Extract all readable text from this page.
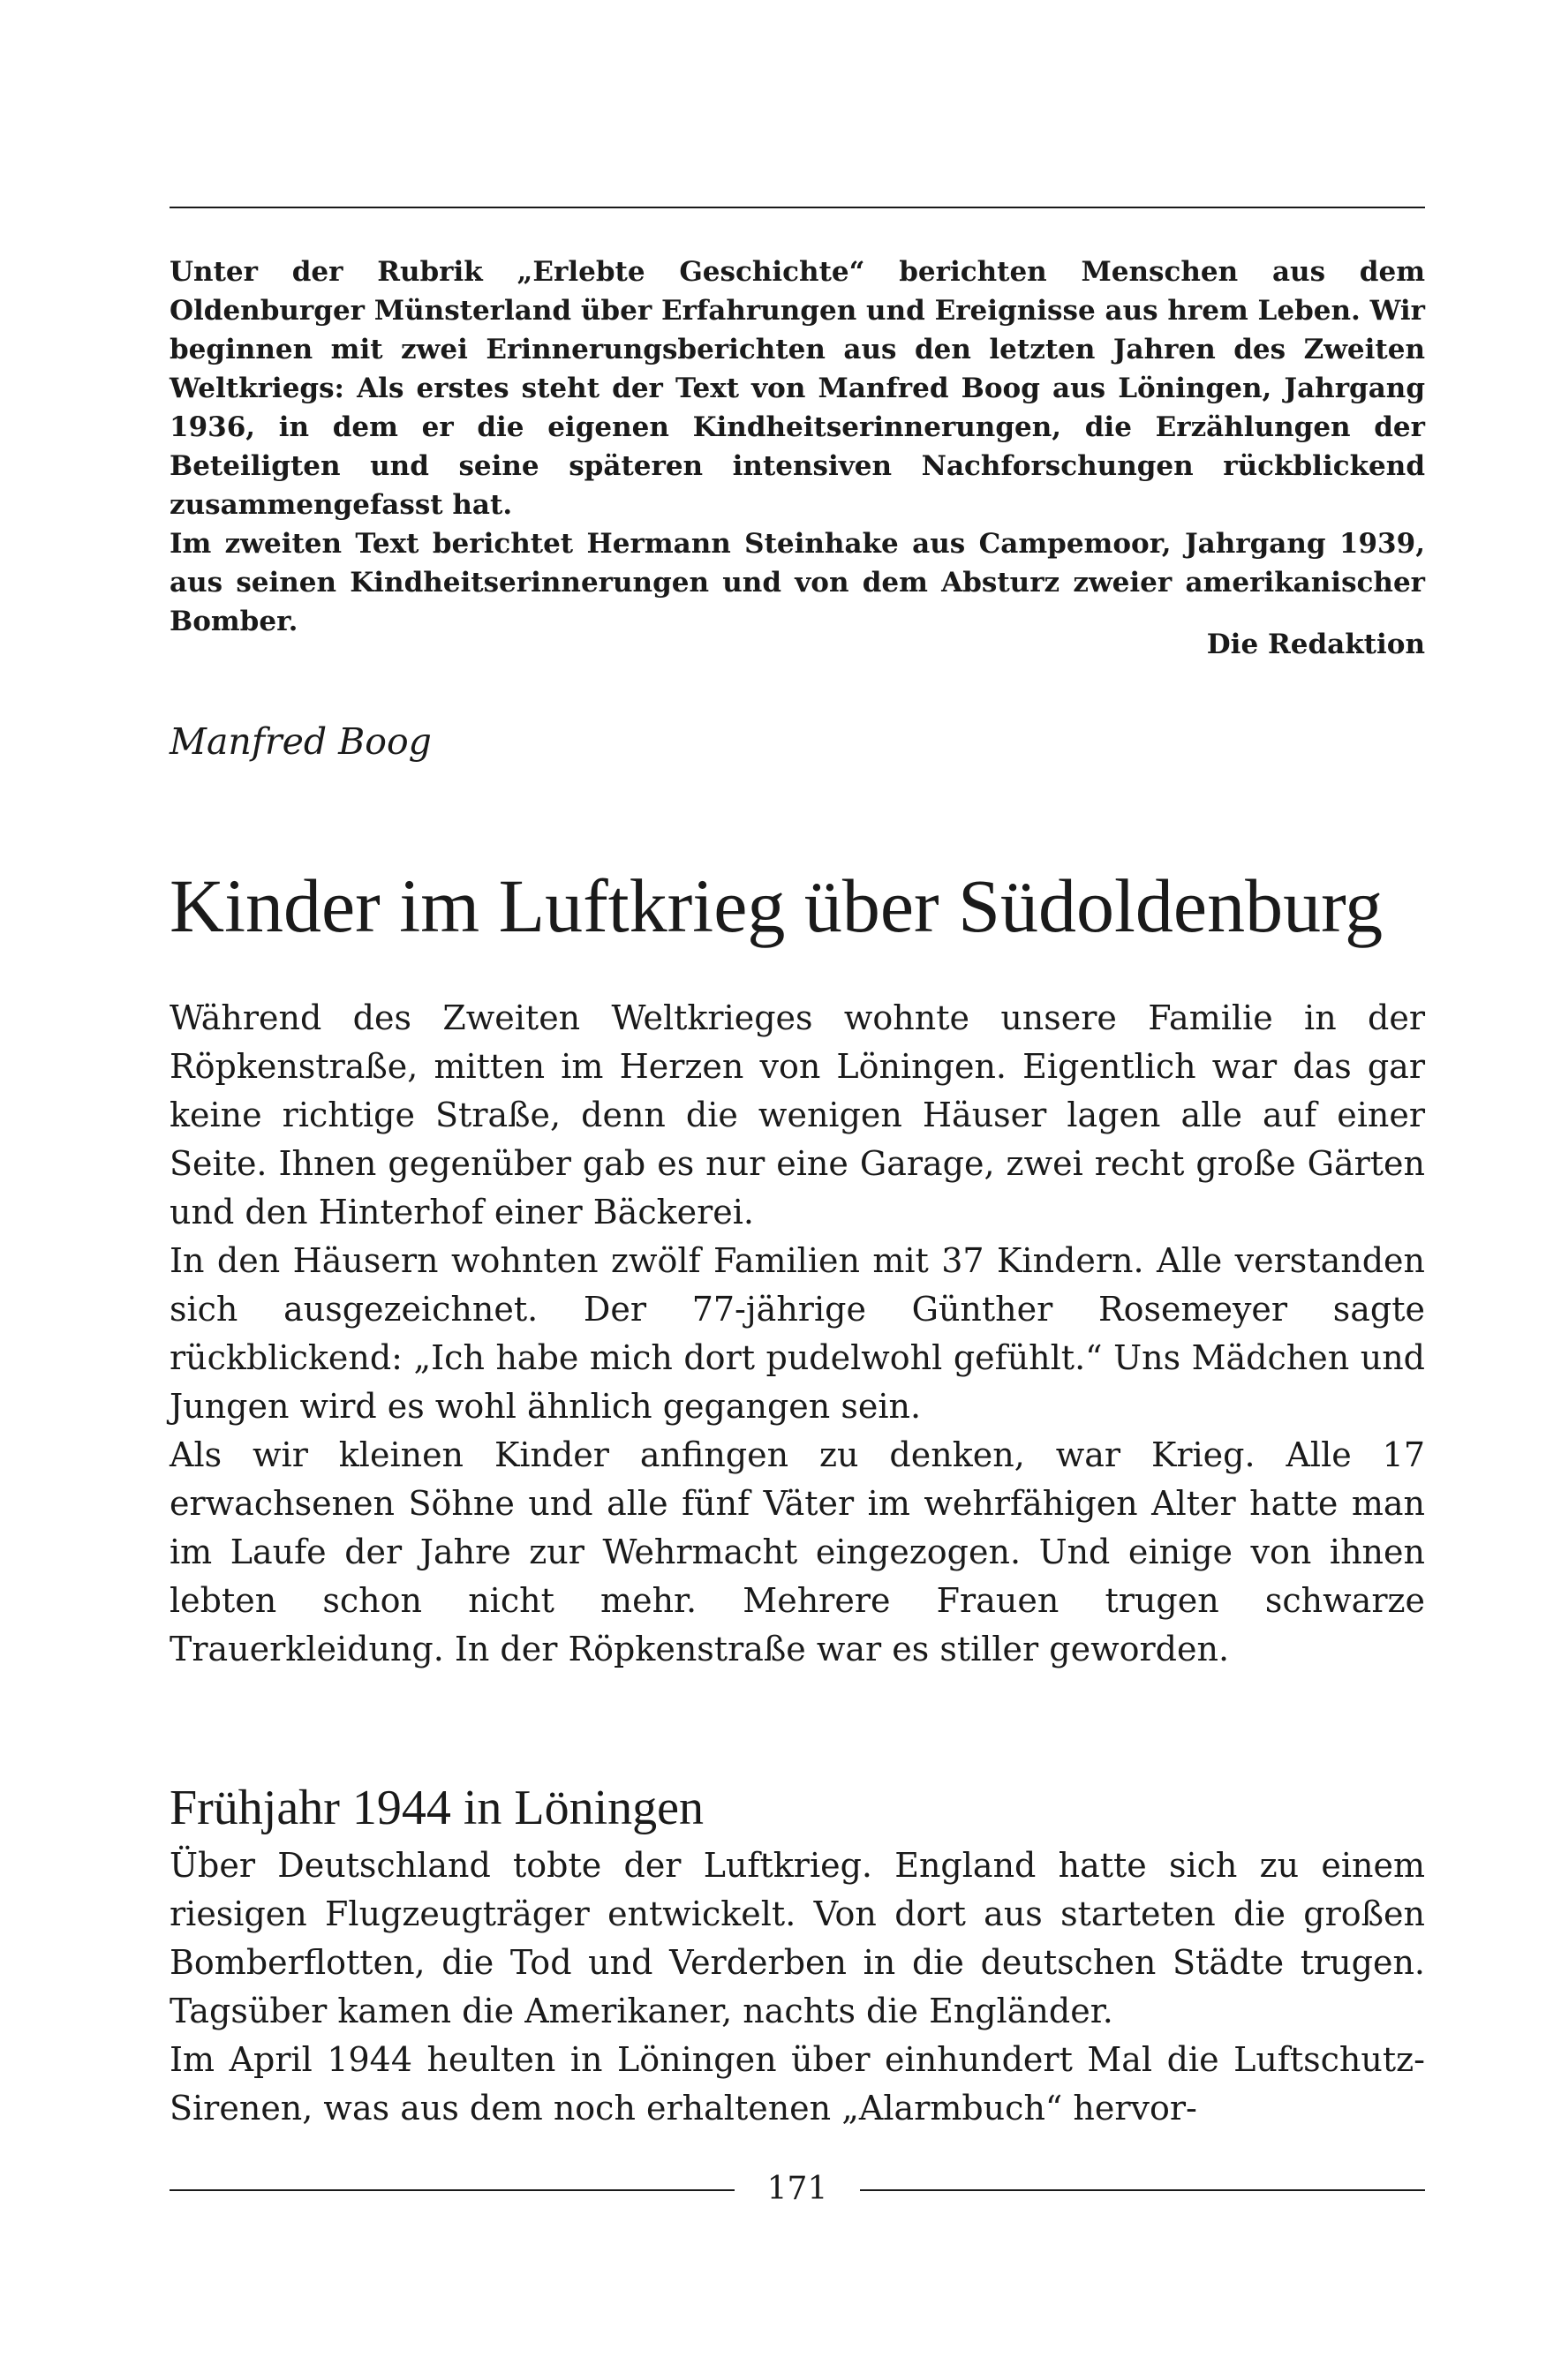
Unter der Rubrik „Erlebte Geschichte“ berichten Menschen aus dem Oldenburger Münsterland über Erfahrungen und Ereignisse aus hrem Leben. Wir beginnen mit zwei Erinnerungsberichten aus den letzten Jahren des Zweiten Weltkriegs: Als erstes steht der Text von Manfred Boog aus Löningen, Jahrgang 1936, in dem er die eigenen Kindheitserinnerungen, die Erzählungen der Beteiligten und seine späteren intensiven Nachforschungen rückblickend zusammengefasst hat.

Im zweiten Text berichtet Hermann Steinhake aus Campemoor, Jahrgang 1939, aus seinen Kindheitserinnerungen und von dem Absturz zweier amerikanischer Bomber.

Die Redaktion
Manfred Boog
Kinder im Luftkrieg über Südoldenburg

Während des Zweiten Weltkrieges wohnte unsere Familie in der Röpkenstraße, mitten im Herzen von Löningen. Eigentlich war das gar keine richtige Straße, denn die wenigen Häuser lagen alle auf einer Seite. Ihnen gegenüber gab es nur eine Garage, zwei recht große Gärten und den Hinterhof einer Bäckerei.

In den Häusern wohnten zwölf Familien mit 37 Kindern. Alle verstanden sich ausgezeichnet. Der 77-jährige Günther Rosemeyer sagte rückblickend: „Ich habe mich dort pudelwohl gefühlt.“ Uns Mädchen und Jungen wird es wohl ähnlich gegangen sein.

Als wir kleinen Kinder anfingen zu denken, war Krieg. Alle 17 erwachsenen Söhne und alle fünf Väter im wehrfähigen Alter hatte man im Laufe der Jahre zur Wehrmacht eingezogen. Und einige von ihnen lebten schon nicht mehr. Mehrere Frauen trugen schwarze Trauerkleidung. In der Röpkenstraße war es stiller geworden.

Frühjahr 1944 in Löningen

Über Deutschland tobte der Luftkrieg. England hatte sich zu einem riesigen Flugzeugträger entwickelt. Von dort aus starteten die großen Bomberflotten, die Tod und Verderben in die deutschen Städte trugen. Tagsüber kamen die Amerikaner, nachts die Engländer.

Im April 1944 heulten in Löningen über einhundert Mal die Luftschutz-Sirenen, was aus dem noch erhaltenen „Alarmbuch“ hervor-

171
